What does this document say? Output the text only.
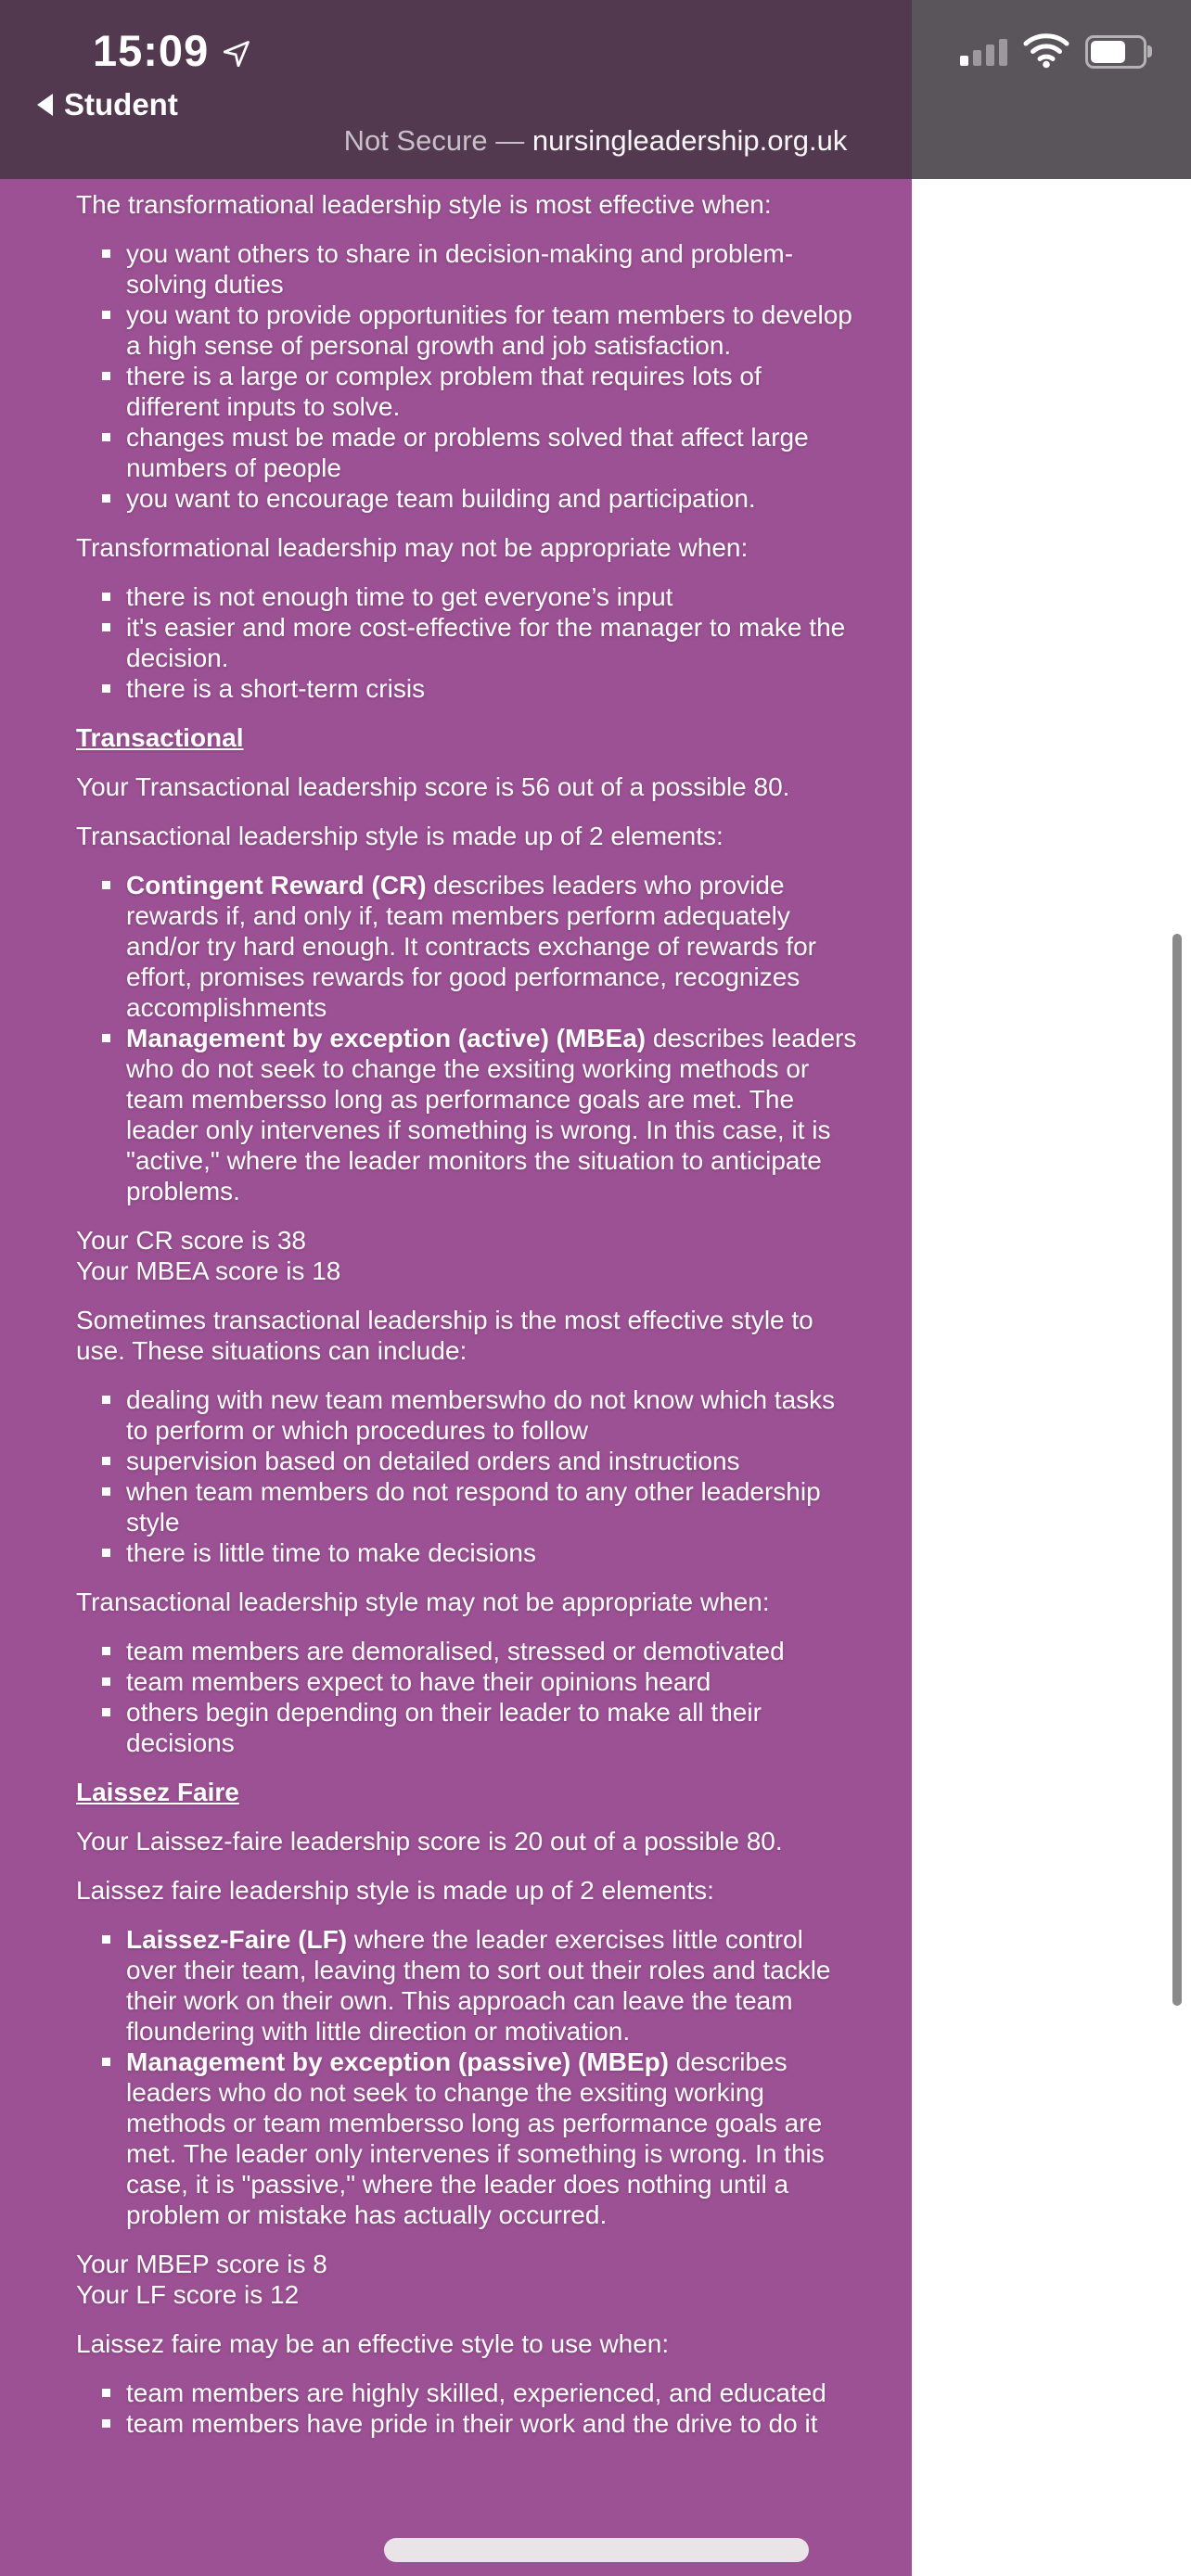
The transformational leadership style is most effective when:

you want others to share in decision-making and problem-solving duties
you want to provide opportunities for team members to develop a high sense of personal growth and job satisfaction.
there is a large or complex problem that requires lots of different inputs to solve.
changes must be made or problems solved that affect large numbers of people
you want to encourage team building and participation.

Transformational leadership may not be appropriate when:

there is not enough time to get everyone’s input
it's easier and more cost-effective for the manager to make the decision.
there is a short-term crisis

Transactional

Your Transactional leadership score is 56 out of a possible 80.

Transactional leadership style is made up of 2 elements:

Contingent Reward (CR) describes leaders who provide rewards if, and only if, team members perform adequately and/or try hard enough. It contracts exchange of rewards for effort, promises rewards for good performance, recognizes accomplishments
Management by exception (active) (MBEa) describes leaders who do not seek to change the exsiting working methods or team membersso long as performance goals are met. The leader only intervenes if something is wrong. In this case, it is "active," where the leader monitors the situation to anticipate problems.

Your CR score is 38
Your MBEA score is 18

Sometimes transactional leadership is the most effective style to use. These situations can include:

dealing with new team memberswho do not know which tasks to perform or which procedures to follow
supervision based on detailed orders and instructions
when team members do not respond to any other leadership style
there is little time to make decisions

Transactional leadership style may not be appropriate when:

team members are demoralised, stressed or demotivated
team members expect to have their opinions heard
others begin depending on their leader to make all their decisions

Laissez Faire

Your Laissez-faire leadership score is 20 out of a possible 80.

Laissez faire leadership style is made up of 2 elements:

Laissez-Faire (LF) where the leader exercises little control over their team, leaving them to sort out their roles and tackle their work on their own. This approach can leave the team floundering with little direction or motivation.
Management by exception (passive) (MBEp) describes leaders who do not seek to change the exsiting working methods or team membersso long as performance goals are met. The leader only intervenes if something is wrong. In this case, it is "passive," where the leader does nothing until a problem or mistake has actually occurred.

Your MBEP score is 8
Your LF score is 12

Laissez faire may be an effective style to use when:

team members are highly skilled, experienced, and educated
team members have pride in their work and the drive to do it
15:09
Student
Not Secure — nursingleadership.org.uk
